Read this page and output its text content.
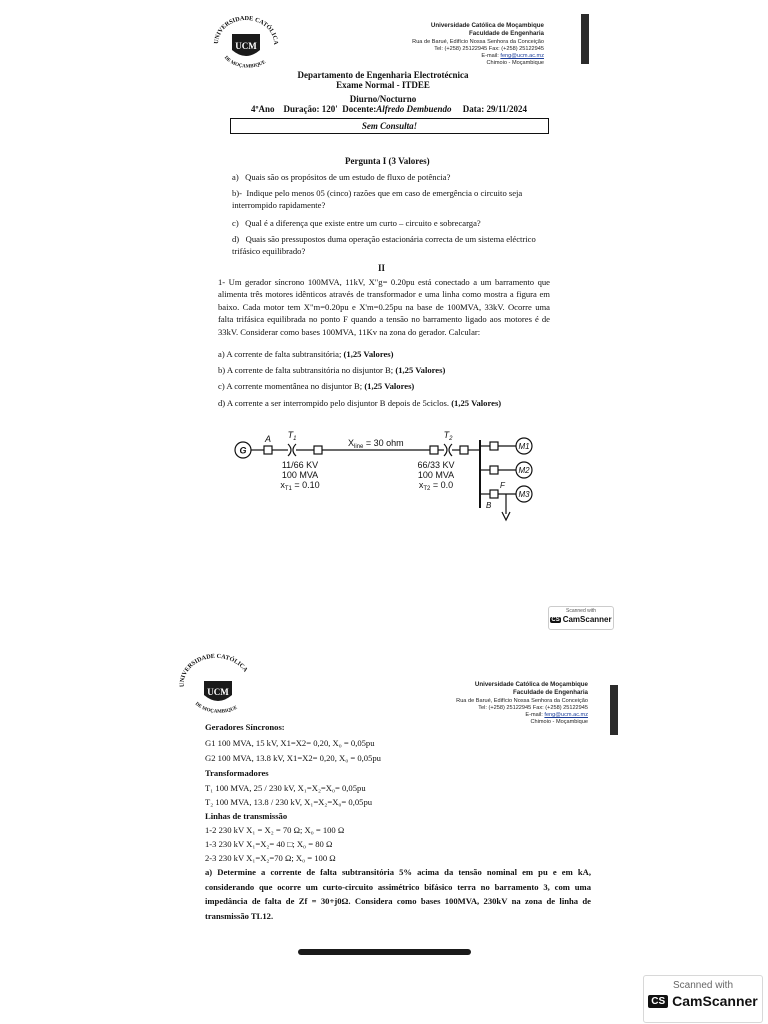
UNIVERSIDADE CATÓLICA
DE MOÇAMBIQUE
UCM
Universidade Católica de Moçambique
Faculdade de Engenharia
Rua de Barué, Edifício Nossa Senhora da Conceição
Tel: (+258) 25122945 Fax: (+258) 25122945
E-mail: feng@ucm.ac.mz
Chimoio - Moçambique
Departamento de Engenharia Electrotécnica
Exame Normal - ITDEE
Diurno/Nocturno
4ºAno Duração: 120' Docente:Alfredo Dembuendo Data: 29/11/2024
Sem Consulta!
Pergunta I (3 Valores)
a) Quais são os propósitos de um estudo de fluxo de potência?
b)- Indique pelo menos 05 (cinco) razões que em caso de emergência o circuito seja interrompido rapidamente?
c) Qual é a diferença que existe entre um curto – circuito e sobrecarga?
d) Quais são pressupostos duma operação estacionária correcta de um sistema eléctrico trifásico equilibrado?
II
1- Um gerador síncrono 100MVA, 11kV, X"g= 0.20pu está conectado a um barramento que alimenta três motores idênticos através de transformador e uma linha como mostra a figura em baixo. Cada motor tem X"m=0.20pu e X'm=0.25pu na base de 100MVA, 33kV. Ocorre uma falta trifásica equilibrada no ponto F quando a tensão no barramento ligado aos motores é de 33kV. Considerar como bases 100MVA, 11Kv na zona do gerador. Calcular:
a) A corrente de falta subtransitória; (1,25 Valores)
b) A corrente de falta subtransitória no disjuntor B; (1,25 Valores)
c) A corrente momentânea no disjuntor B; (1,25 Valores)
d) A corrente a ser interrompido pelo disjuntor B depois de 5ciclos. (1,25 Valores)
G
A $T_1$	$X_{line} = 30$ ohm
$T_2$
11/66 KV
100 MVA
$x_{T1} = 0.10$
66/33 KV
100 MVA
$x_{T2} = 0.0$
M1
M2
M3
F
B
Scanned with
CS CamScanner
UNIVERSIDADE CATÓLICA
DE MOÇAMBIQUE
UCM
Universidade Católica de Moçambique
Faculdade de Engenharia
Rua de Barué, Edifício Nossa Senhora da Conceição
Tel: (+258) 25122945 Fax: (+258) 25122945
E-mail: feng@ucm.ac.mz
Chimoio - Moçambique
Geradores Síncronos:
G1 100 MVA, 15 kV, X1=X2= 0,20, X₀ = 0,05pu
G2 100 MVA, 13.8 kV, X1=X2= 0,20, X₀ = 0,05pu
Transformadores
T₁ 100 MVA, 25 / 230 kV, X₁=X₂=X₀= 0,05pu
T₂ 100 MVA, 13.8 / 230 kV, X₁=X₂=X₀= 0,05pu
Linhas de transmissão
1-2 230 kV X₁ = X₂ = 70 Ω; X₀ = 100 Ω
1-3 230 kV X₁=X₂= 40 □; X₀ = 80 Ω
2-3 230 kV X₁=X₂=70 Ω; X₀ = 100 Ω
a) Determine a corrente de falta subtransitória 5% acima da tensão nominal em pu e em kA, considerando que ocorre um curto-circuito assimétrico bifásico terra no barramento 3, com uma impedância de falta de Zf = 30+j0Ω. Considera como bases 100MVA, 230kV na zona de linha de transmissão TL12.
Scanned with
CS CamScanner
